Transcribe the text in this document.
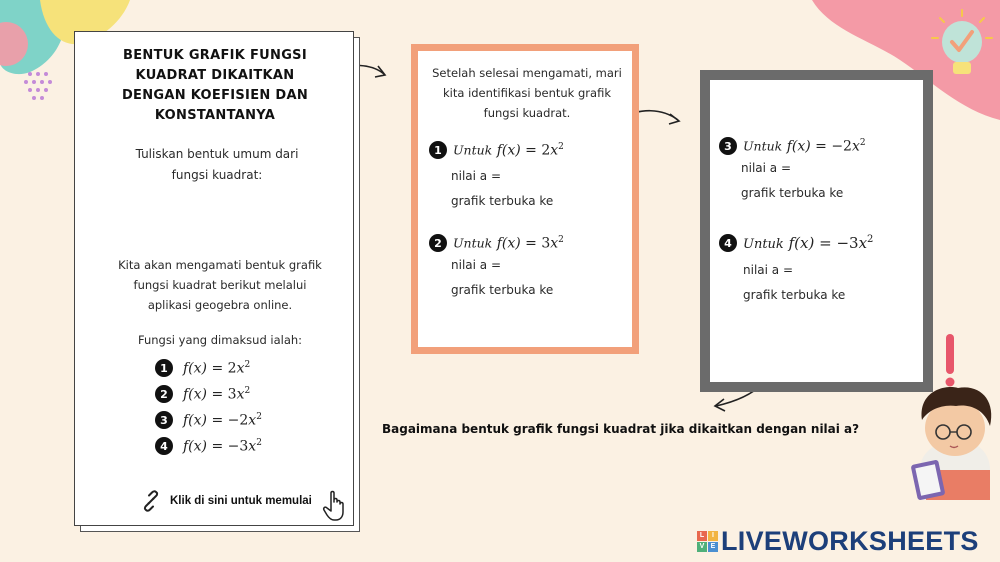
BENTUK GRAFIK FUNGSI
KUADRAT DIKAITKAN
DENGAN KOEFISIEN DAN
KONSTANTANYA
Tuliskan bentuk umum dari
fungsi kuadrat:
Kita akan mengamati bentuk grafik
fungsi kuadrat berikut melalui
aplikasi geogebra online.
Fungsi yang dimaksud ialah:
1	$f(x) = 2x^2$
2	$f(x) = 3x^2$
3	$f(x) = -2x^2$
4	$f(x) = -3x^2$
Klik di sini untuk memulai
Setelah selesai mengamati, mari
kita identifikasi bentuk grafik
fungsi kuadrat.
1 Untuk $f(x) = 2x^2$
nilai a =
grafik terbuka ke
2 Untuk $f(x) = 3x^2$
nilai a =
grafik terbuka ke
3 Untuk $f(x) = -2x^2$
nilai a =
grafik terbuka ke
4 Untuk $f(x) = -3x^2$
nilai a =
grafik terbuka ke
Bagaimana bentuk grafik fungsi kuadrat jika dikaitkan dengan nilai a?
L	I
V E LIVEWORKSHEETS
